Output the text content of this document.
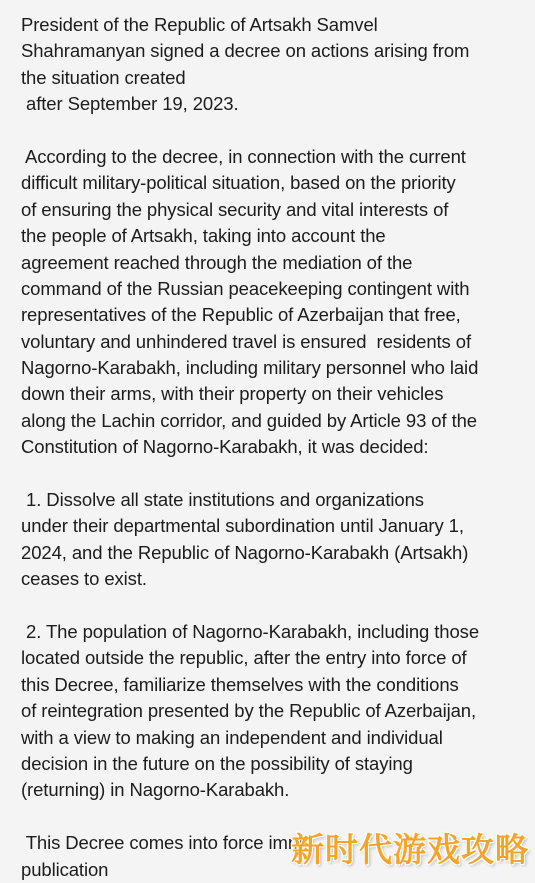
President of the Republic of Artsakh Samvel
Shahramanyan signed a decree on actions arising from
the situation created
after September 19, 2023.
According to the decree, in connection with the current
difficult military-political situation, based on the priority
of ensuring the physical security and vital interests of
the people of Artsakh, taking into account the
agreement reached through the mediation of the
command of the Russian peacekeeping contingent with
representatives of the Republic of Azerbaijan that free,
voluntary and unhindered travel is ensured  residents of
Nagorno-Karabakh, including military personnel who laid
down their arms, with their property on their vehicles
along the Lachin corridor, and guided by Article 93 of the
Constitution of Nagorno-Karabakh, it was decided:
1. Dissolve all state institutions and organizations
under their departmental subordination until January 1,
2024, and the Republic of Nagorno-Karabakh (Artsakh)
ceases to exist.
2. The population of Nagorno-Karabakh, including those
located outside the republic, after the entry into force of
this Decree, familiarize themselves with the conditions
of reintegration presented by the Republic of Azerbaijan,
with a view to making an independent and individual
decision in the future on the possibility of staying
(returning) in Nagorno-Karabakh.
This Decree comes into force imm
publication	新时代游戏攻略
